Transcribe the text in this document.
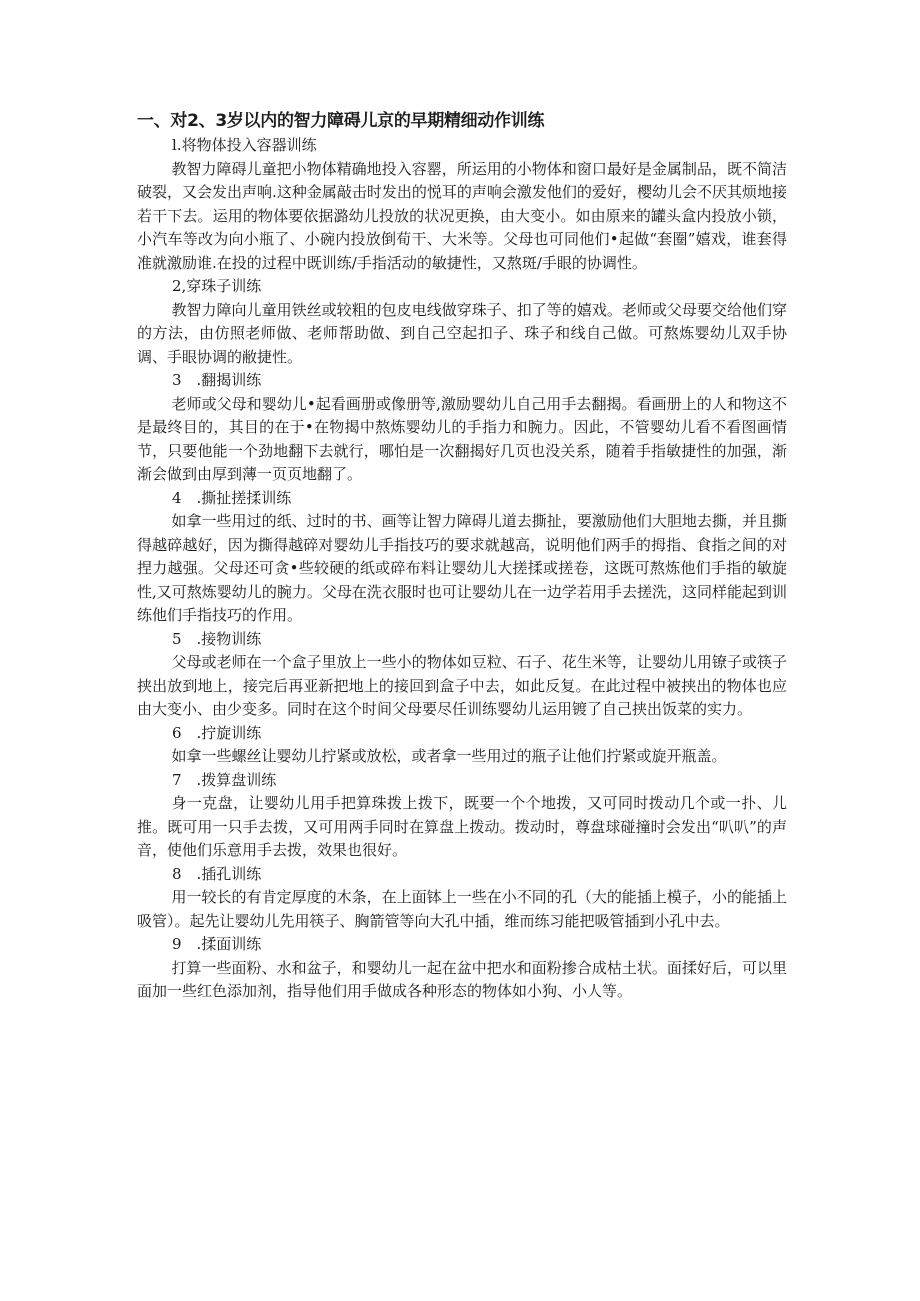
一、对2、3岁以内的智力障碍儿京的早期精细动作训练
l.将物体投入容器训练

教智力障碍儿童把小物体精确地投入容罂，所运用的小物体和窗口最好是金属制品，既不简洁破裂，又会发出声响.这种金属敲击时发出的悦耳的声响会激发他们的爱好，樱幼儿会不厌其烦地接若干下去。运用的物体要依据潞幼儿投放的状况更换，由大变小。如由原来的罐头盒内投放小锁，小汽车等改为向小瓶了、小碗内投放倒荀干、大米等。父母也可同他们•起做“套圈”嬉戏，谁套得准就激励谁.在投的过程中既训练/手指活动的敏捷性，又熬斑/手眼的协调性。

2,穿珠子训练

教智力障向儿童用铁丝或较粗的包皮电线做穿珠子、扣了等的嬉戏。老师或父母要交给他们穿的方法，由仿照老师做、老师帮助做、到自己空起扣子、珠子和线自己做。可熬炼婴幼儿双手协调、手眼协调的敝捷性。

3　.翻揭训练

老师或父母和婴幼儿•起看画册或像册等,激励婴幼儿自己用手去翻揭。看画册上的人和物这不是最终目的，其目的在于•在物揭中熬炼婴幼儿的手指力和腕力。因此，不管婴幼儿看不看图画情节，只要他能一个劲地翻下去就行，哪怕是一次翻揭好几页也没关系，随着手指敏捷性的加强，渐渐会做到由厚到薄一页页地翻了。

4　.撕扯搓揉训练

如拿一些用过的纸、过时的书、画等让智力障碍儿道去撕扯，要激励他们大胆地去撕，并且撕得越碎越好，因为撕得越碎对婴幼儿手指技巧的要求就越高，说明他们两手的拇指、食指之间的对捏力越强。父母还可贪•些较硬的纸或碎布料让婴幼儿大搓揉或搓卷，这既可熬炼他们手指的敏旋性,又可熬炼婴幼儿的腕力。父母在洗衣服时也可让婴幼儿在一边学若用手去搓洗，这同样能起到训练他们手指技巧的作用。

5　.接物训练

父母或老师在一个盒子里放上一些小的物体如豆粒、石子、花生米等，让婴幼儿用镣子或筷子挟出放到地上，接完后再亚新把地上的接回到盒子中去，如此反复。在此过程中被挟出的物体也应由大变小、由少变多。同时在这个时间父母要尽任训练婴幼儿运用镀了自己挟出饭菜的实力。

6　.拧旋训练

如拿一些螺丝让婴幼儿拧紧或放松，或者拿一些用过的瓶子让他们拧紧或旋开瓶盖。

7　.拨算盘训练

身一克盘，让婴幼儿用手把算珠拨上拨下，既要一个个地拨，又可同时拨动几个或一扑、儿推。既可用一只手去拨，又可用两手同时在算盘上拨动。拨动时，尊盘球碰撞时会发出“叭叭”的声音，使他们乐意用手去拨，效果也很好。

8　.插孔训练

用一较长的有肯定厚度的木条，在上面钵上一些在小不同的孔（大的能插上模子，小的能插上吸管）。起先让婴幼儿先用筷子、胸箭管等向大孔中插，维而练习能把吸管插到小孔中去。

9　.揉面训练

打算一些面粉、水和盆子，和婴幼儿一起在盆中把水和面粉掺合成枯土状。面揉好后，可以里面加一些红色添加剂，指导他们用手做成各种形态的物体如小狗、小人等。
